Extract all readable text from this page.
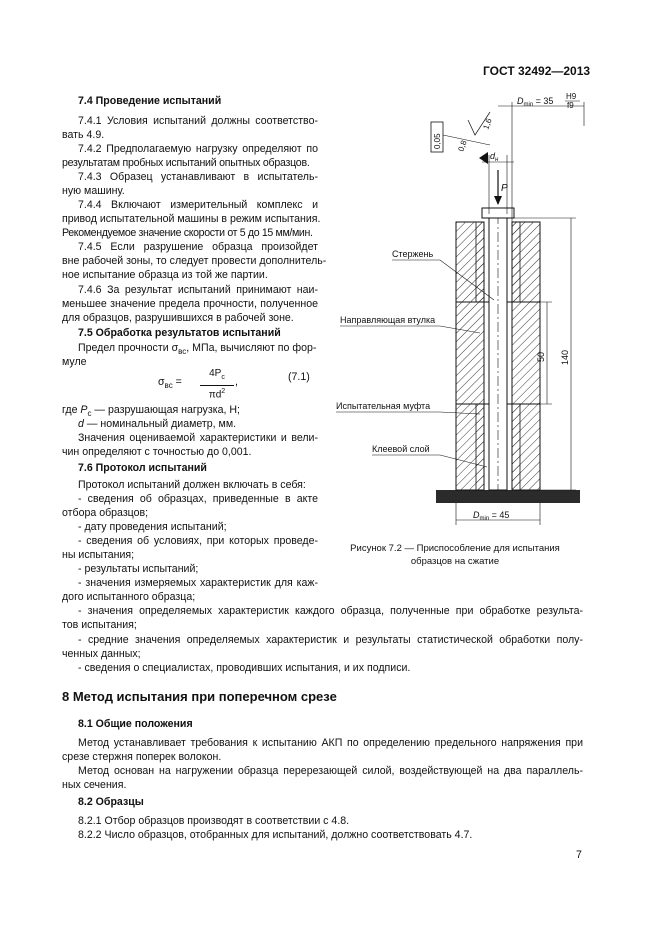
ГОСТ 32492—2013
7.4 Проведение испытаний
7.4.1 Условия испытаний должны соответство-
вать 4.9.
7.4.2 Предполагаемую нагрузку определяют по
результатам пробных испытаний опытных образцов.
7.4.3 Образец устанавливают в испытатель-
ную машину.
7.4.4 Включают измерительный комплекс и
привод испытательной машины в режим испытания.
Рекомендуемое значение скорости от 5 до 15 мм/мин.
7.4.5 Если разрушение образца произойдет
вне рабочей зоны, то следует провести дополнитель-
ное испытание образца из той же партии.
7.4.6 За результат испытаний принимают наи-
меньшее значение предела прочности, полученное
для образцов, разрушившихся в рабочей зоне.
7.5 Обработка результатов испытаний
Предел прочности $\sigma_{вс}$, МПа, вычисляют по фор-
муле
$\sigma_{вс}$ =
$4P_c$
$\pi d^2$
,	(7.1)
где $P_c$ — разрушающая нагрузка, Н;
d — номинальный диаметр, мм.
Значения оцениваемой характеристики и вели-
чин определяют с точностью до 0,001.
7.6 Протокол испытаний
Протокол испытаний должен включать в себя:
- сведения об образцах, приведенные в акте
отбора образцов;
- дату проведения испытаний;
- сведения об условиях, при которых проведе-
ны испытания;
- результаты испытаний;
- значения измеряемых характеристик для каж-
дого испытанного образца;
- значения определяемых характеристик каждого образца, полученные при обработке результа-
тов испытания;
- средние значения определяемых характеристик и результаты статистической обработки полу-
ченных данных;
- сведения о специалистах, проводивших испытания, и их подписи.
8 Метод испытания при поперечном срезе
8.1 Общие положения
Метод устанавливает требования к испытанию АКП по определению предельного напряжения при
срезе стержня поперек волокон.
Метод основан на нагружении образца перерезающей силой, воздействующей на два параллель-
ных сечения.
8.2 Образцы
8.2.1 Отбор образцов производят в соответствии с 4.8.
8.2.2 Число образцов, отобранных для испытаний, должно соответствовать 4.7.
7
P
$d_н$
0,05 0,8
1,6
$D_{min} = 35$ H9
f9
50 140
$D_{min} = 45$
Стержень
Направляющая втулка
Испытательная муфта
Клеевой слой
Рисунок 7.2 — Приспособление для испытания
образцов на сжатие
